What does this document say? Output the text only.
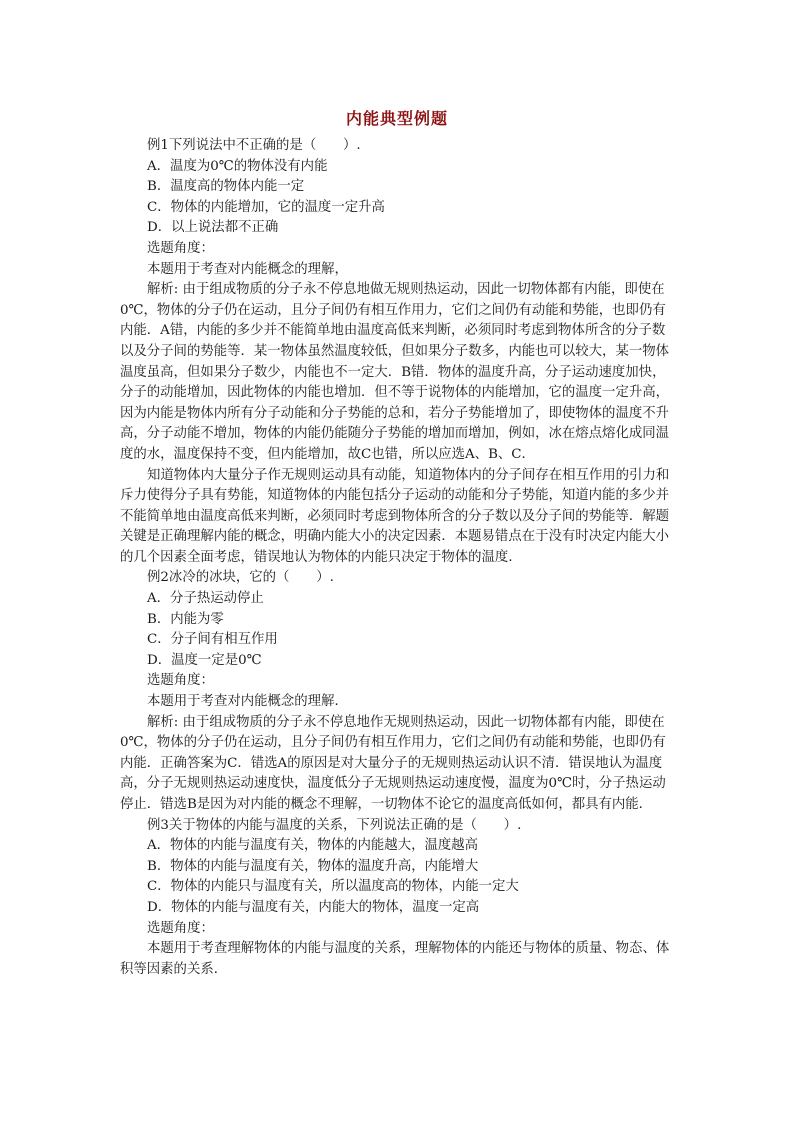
内能典型例题

例1下列说法中不正确的是（　　）.

A．温度为0℃的物体没有内能

B．温度高的物体内能一定

C．物体的内能增加，它的温度一定升高

D．以上说法都不正确

选题角度：

本题用于考查对内能概念的理解，

解析: 由于组成物质的分子永不停息地做无规则热运动，因此一切物体都有内能，即使在0℃，物体的分子仍在运动，且分子间仍有相互作用力，它们之间仍有动能和势能，也即仍有内能．A错，内能的多少并不能简单地由温度高低来判断，必须同时考虑到物体所含的分子数以及分子间的势能等．某一物体虽然温度较低，但如果分子数多，内能也可以较大，某一物体温度虽高，但如果分子数少，内能也不一定大．B错．物体的温度升高，分子运动速度加快，分子的动能增加，因此物体的内能也增加．但不等于说物体的内能增加，它的温度一定升高，因为内能是物体内所有分子动能和分子势能的总和，若分子势能增加了，即使物体的温度不升高，分子动能不增加，物体的内能仍能随分子势能的增加而增加，例如，冰在熔点熔化成同温度的水，温度保持不变，但内能增加，故C也错，所以应选A、B、C．

知道物体内大量分子作无规则运动具有动能，知道物体内的分子间存在相互作用的引力和斥力使得分子具有势能，知道物体的内能包括分子运动的动能和分子势能，知道内能的多少并不能简单地由温度高低来判断，必须同时考虑到物体所含的分子数以及分子间的势能等．解题关键是正确理解内能的概念，明确内能大小的决定因素．本题易错点在于没有时决定内能大小的几个因素全面考虑，错误地认为物体的内能只决定于物体的温度．

例2冰冷的冰块，它的（　　）.

A．分子热运动停止

B．内能为零

C．分子间有相互作用

D．温度一定是0℃

选题角度：

本题用于考查对内能概念的理解．

解析: 由于组成物质的分子永不停息地作无规则热运动，因此一切物体都有内能，即使在0℃，物体的分子仍在运动，且分子间仍有相互作用力，它们之间仍有动能和势能，也即仍有内能．正确答案为C．错选A的原因是对大量分子的无规则热运动认识不清．错误地认为温度高，分子无规则热运动速度快，温度低分子无规则热运动速度慢，温度为0℃时，分子热运动停止．错选B是因为对内能的概念不理解，一切物体不论它的温度高低如何，都具有内能．

例3关于物体的内能与温度的关系，下列说法正确的是（　　）.

A．物体的内能与温度有关，物体的内能越大，温度越高

B．物体的内能与温度有关，物体的温度升高，内能增大

C．物体的内能只与温度有关，所以温度高的物体，内能一定大

D．物体的内能与温度有关，内能大的物体，温度一定高

选题角度：

本题用于考查理解物体的内能与温度的关系，理解物体的内能还与物体的质量、物态、体积等因素的关系．
